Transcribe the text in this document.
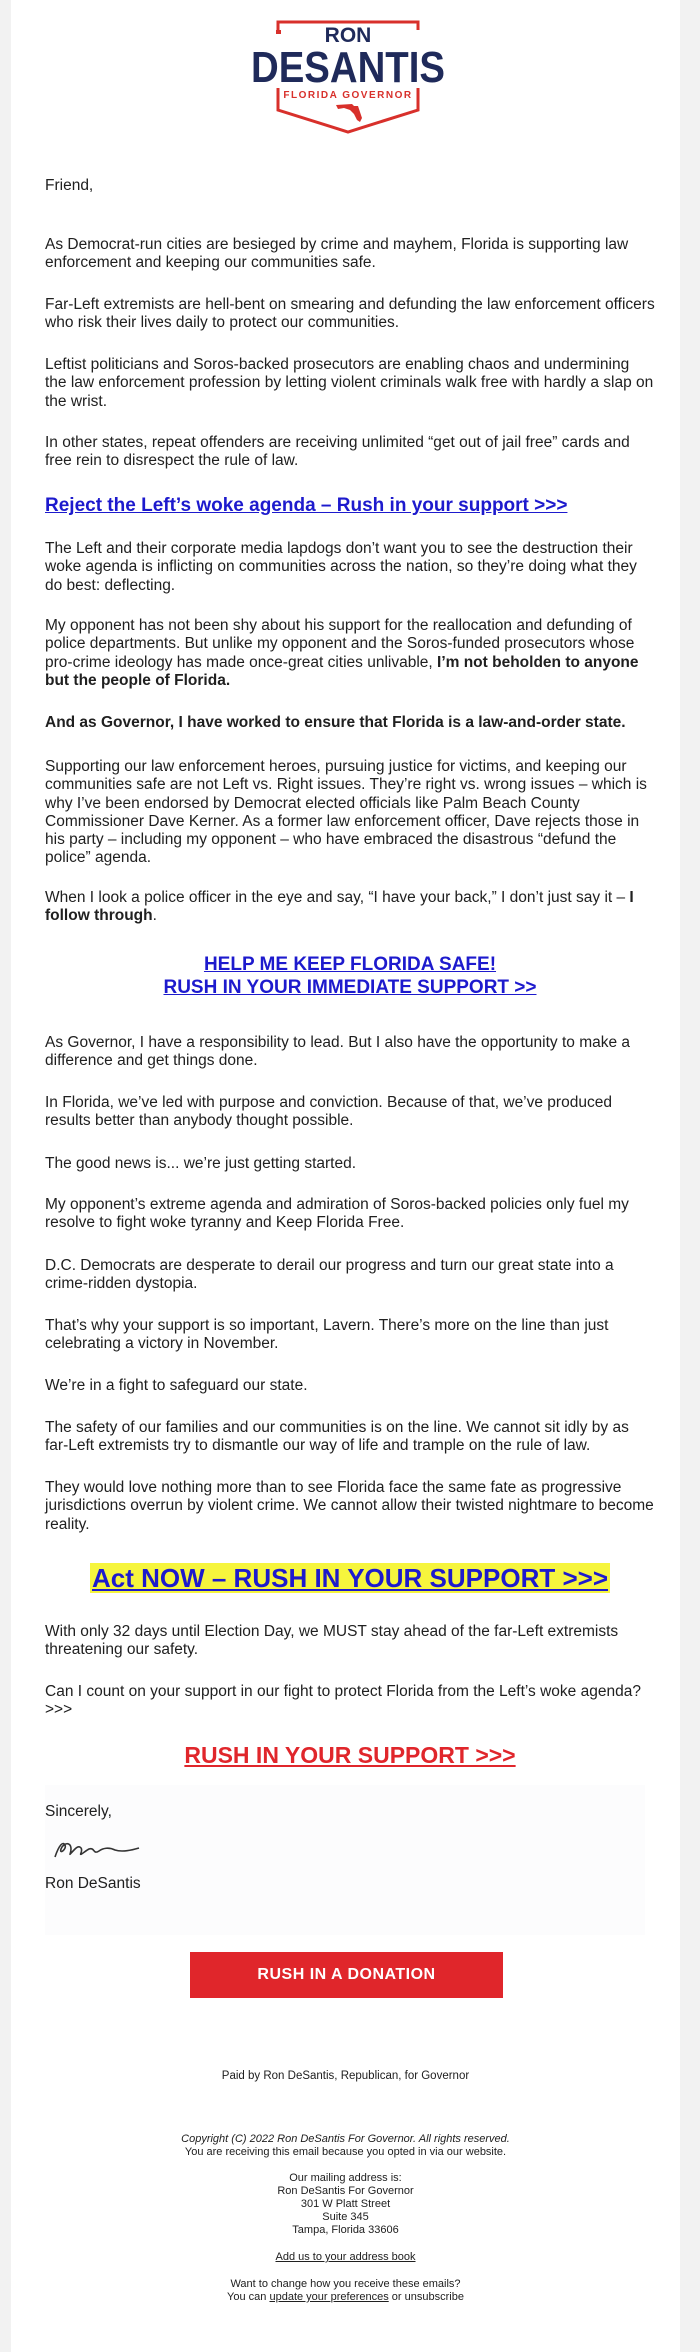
RON
DESANTIS
FLORIDA GOVERNOR

Friend,

As Democrat-run cities are besieged by crime and mayhem, Florida is supporting law enforcement and keeping our communities safe.

Far-Left extremists are hell-bent on smearing and defunding the law enforcement officers who risk their lives daily to protect our communities.

Leftist politicians and Soros-backed prosecutors are enabling chaos and undermining the law enforcement profession by letting violent criminals walk free with hardly a slap on the wrist.

In other states, repeat offenders are receiving unlimited “get out of jail free” cards and free rein to disrespect the rule of law.

Reject the Left’s woke agenda – Rush in your support >>>

The Left and their corporate media lapdogs don’t want you to see the destruction their woke agenda is inflicting on communities across the nation, so they’re doing what they do best: deflecting.

My opponent has not been shy about his support for the reallocation and defunding of police departments. But unlike my opponent and the Soros-funded prosecutors whose pro-crime ideology has made once-great cities unlivable, I’m not beholden to anyone but the people of Florida.

And as Governor, I have worked to ensure that Florida is a law-and-order state.

Supporting our law enforcement heroes, pursuing justice for victims, and keeping our communities safe are not Left vs. Right issues. They’re right vs. wrong issues – which is why I’ve been endorsed by Democrat elected officials like Palm Beach County Commissioner Dave Kerner. As a former law enforcement officer, Dave rejects those in his party – including my opponent – who have embraced the disastrous “defund the police” agenda.

When I look a police officer in the eye and say, “I have your back,” I don’t just say it – I follow through.

HELP ME KEEP FLORIDA SAFE!
RUSH IN YOUR IMMEDIATE SUPPORT >>

As Governor, I have a responsibility to lead. But I also have the opportunity to make a difference and get things done.

In Florida, we’ve led with purpose and conviction. Because of that, we’ve produced results better than anybody thought possible.

The good news is... we’re just getting started.

My opponent’s extreme agenda and admiration of Soros-backed policies only fuel my resolve to fight woke tyranny and Keep Florida Free.

D.C. Democrats are desperate to derail our progress and turn our great state into a crime-ridden dystopia.

That’s why your support is so important, Lavern. There’s more on the line than just celebrating a victory in November.

We’re in a fight to safeguard our state.

The safety of our families and our communities is on the line. We cannot sit idly by as far-Left extremists try to dismantle our way of life and trample on the rule of law.

They would love nothing more than to see Florida face the same fate as progressive jurisdictions overrun by violent crime. We cannot allow their twisted nightmare to become reality.

Act NOW – RUSH IN YOUR SUPPORT >>>

With only 32 days until Election Day, we MUST stay ahead of the far-Left extremists threatening our safety.

Can I count on your support in our fight to protect Florida from the Left’s woke agenda? >>>

RUSH IN YOUR SUPPORT >>>

Sincerely,

Ron DeSantis

RUSH IN A DONATION
Paid by Ron DeSantis, Republican, for Governor
Copyright (C) 2022 Ron DeSantis For Governor. All rights reserved.
You are receiving this email because you opted in via our website.
Our mailing address is:
Ron DeSantis For Governor
301 W Platt Street
Suite 345
Tampa, Florida 33606
Add us to your address book
Want to change how you receive these emails?
You can update your preferences or unsubscribe
